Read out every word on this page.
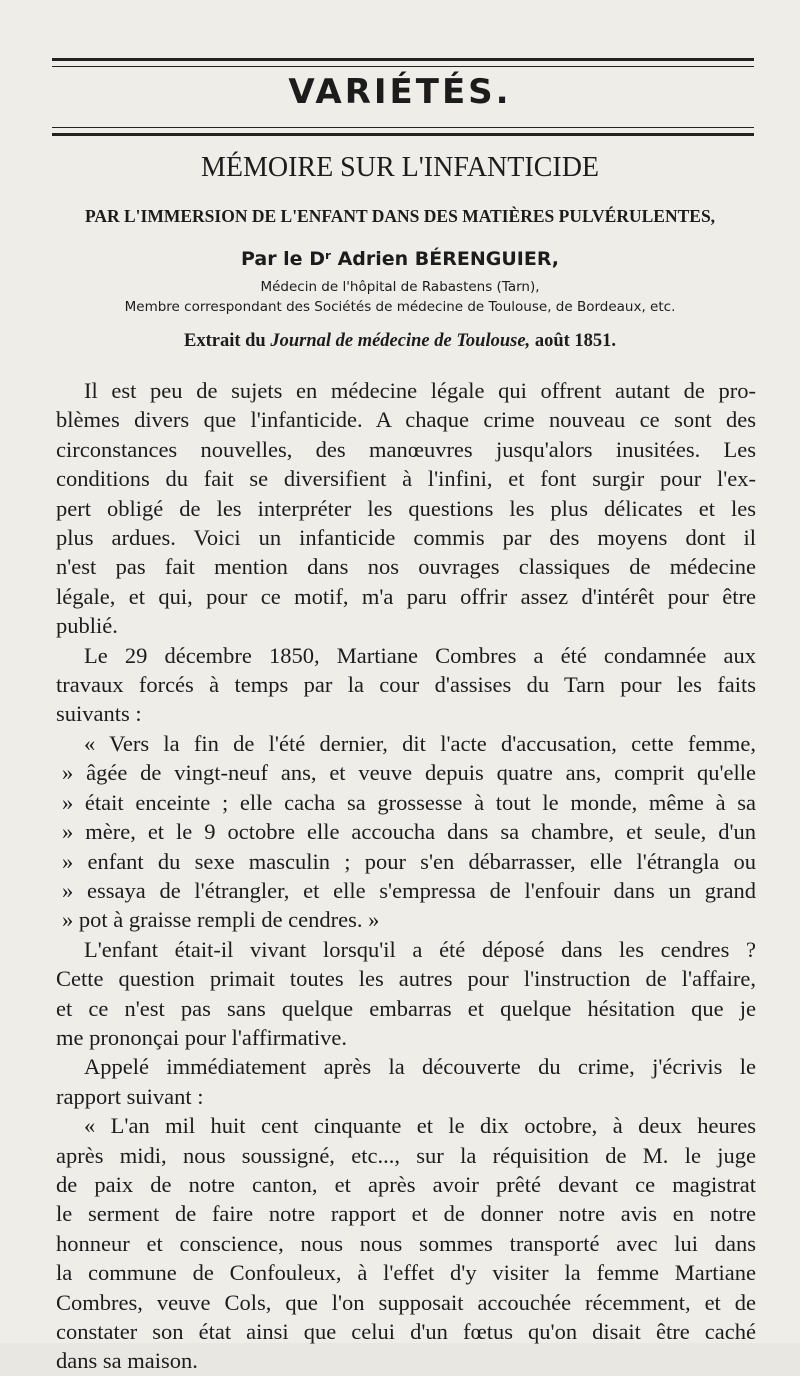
VARIÉTÉS.
MÉMOIRE SUR L'INFANTICIDE
PAR L'IMMERSION DE L'ENFANT DANS DES MATIÈRES PULVÉRULENTES,
Par le Dʳ Adrien BÉRENGUIER,
Médecin de l'hôpital de Rabastens (Tarn),
Membre correspondant des Sociétés de médecine de Toulouse, de Bordeaux, etc.
Extrait du Journal de médecine de Toulouse, août 1851.

Il est peu de sujets en médecine légale qui offrent autant de pro-
blèmes divers que l'infanticide. A chaque crime nouveau ce sont des
circonstances nouvelles, des manœuvres jusqu'alors inusitées. Les
conditions du fait se diversifient à l'infini, et font surgir pour l'ex-
pert obligé de les interpréter les questions les plus délicates et les
plus ardues. Voici un infanticide commis par des moyens dont il
n'est pas fait mention dans nos ouvrages classiques de médecine
légale, et qui, pour ce motif, m'a paru offrir assez d'intérêt pour être
publié.

Le 29 décembre 1850, Martiane Combres a été condamnée aux
travaux forcés à temps par la cour d'assises du Tarn pour les faits
suivants :

« Vers la fin de l'été dernier, dit l'acte d'accusation, cette femme,
» âgée de vingt-neuf ans, et veuve depuis quatre ans, comprit qu'elle
» était enceinte ; elle cacha sa grossesse à tout le monde, même à sa
» mère, et le 9 octobre elle accoucha dans sa chambre, et seule, d'un
» enfant du sexe masculin ; pour s'en débarrasser, elle l'étrangla ou
» essaya de l'étrangler, et elle s'empressa de l'enfouir dans un grand
» pot à graisse rempli de cendres. »

L'enfant était-il vivant lorsqu'il a été déposé dans les cendres ?
Cette question primait toutes les autres pour l'instruction de l'affaire,
et ce n'est pas sans quelque embarras et quelque hésitation que je
me prononçai pour l'affirmative.

Appelé immédiatement après la découverte du crime, j'écrivis le
rapport suivant :

« L'an mil huit cent cinquante et le dix octobre, à deux heures
après midi, nous soussigné, etc..., sur la réquisition de M. le juge
de paix de notre canton, et après avoir prêté devant ce magistrat
le serment de faire notre rapport et de donner notre avis en notre
honneur et conscience, nous nous sommes transporté avec lui dans
la commune de Confouleux, à l'effet d'y visiter la femme Martiane
Combres, veuve Cols, que l'on supposait accouchée récemment, et de
constater son état ainsi que celui d'un fœtus qu'on disait être caché
dans sa maison.
